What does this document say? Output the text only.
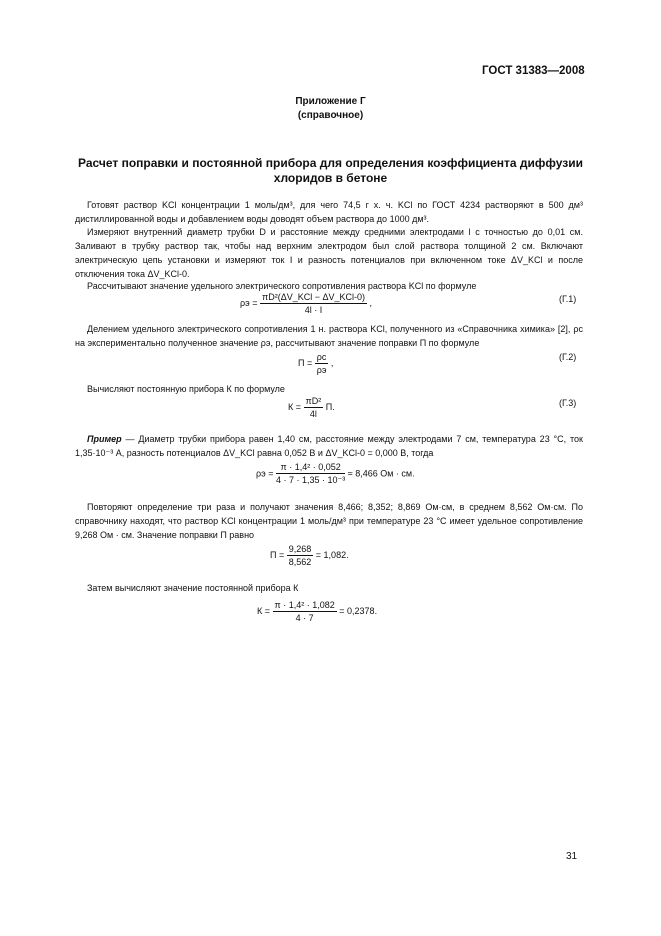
ГОСТ 31383—2008
Приложение Г
(справочное)
Расчет поправки и постоянной прибора для определения коэффициента диффузии хлоридов в бетоне
Готовят раствор KCl концентрации 1 моль/дм³, для чего 74,5 г х. ч. KCl по ГОСТ 4234 растворяют в 500 дм³ дистиллированной воды и добавлением воды доводят объем раствора до 1000 дм³.
Измеряют внутренний диаметр трубки D и расстояние между средними электродами l с точностью до 0,01 см. Заливают в трубку раствор так, чтобы над верхним электродом был слой раствора толщиной 2 см. Включают электрическую цепь установки и измеряют ток I и разность потенциалов при включенном токе ΔV_KCl и после отключения тока ΔV_KCl-0.
Рассчитывают значение удельного электрического сопротивления раствора KCl по формуле
$\rho э = \frac{\text{πD²(ΔV\_KCl − ΔV\_KCl-0)}}{4l \cdot I}$ ,	(Г.1)
Делением удельного электрического сопротивления 1 н. раствора KCl, полученного из «Справочника химика» [2], ρс на экспериментально полученное значение ρэ, рассчитывают значение поправки П по формуле
$П = \frac{\rho с}{\rho э}$ ,
(Г.2)
Вычисляют постоянную прибора К по формуле
$К = \frac{\text{πD²}}{4l} П$.	(Г.3)
Пример — Диаметр трубки прибора равен 1,40 см, расстояние между электродами 7 см, температура 23 °С, ток 1,35·10⁻³ А, разность потенциалов ΔV_KCl равна 0,052 В и ΔV_KCl-0 = 0,000 В, тогда
$\rho э = \frac{\text{π · 1,4² · 0,052}}{\text{4 · 7 · 1,35 · 10⁻³}} \approx 8,466$ Ом · см.
Повторяют определение три раза и получают значения 8,466; 8,352; 8,869 Ом·см, в среднем 8,562 Ом·см. По справочнику находят, что раствор KCl концентрации 1 моль/дм³ при температуре 23 °С имеет удельное сопротивление 9,268 Ом · см. Значение поправки П равно
$П = \frac{9,268}{8,562} = 1,082$.
Затем вычисляют значение постоянной прибора К
$К = \frac{\text{π · 1,4² · 1,082}}{4 \cdot 7} = 0,2378$.
31
